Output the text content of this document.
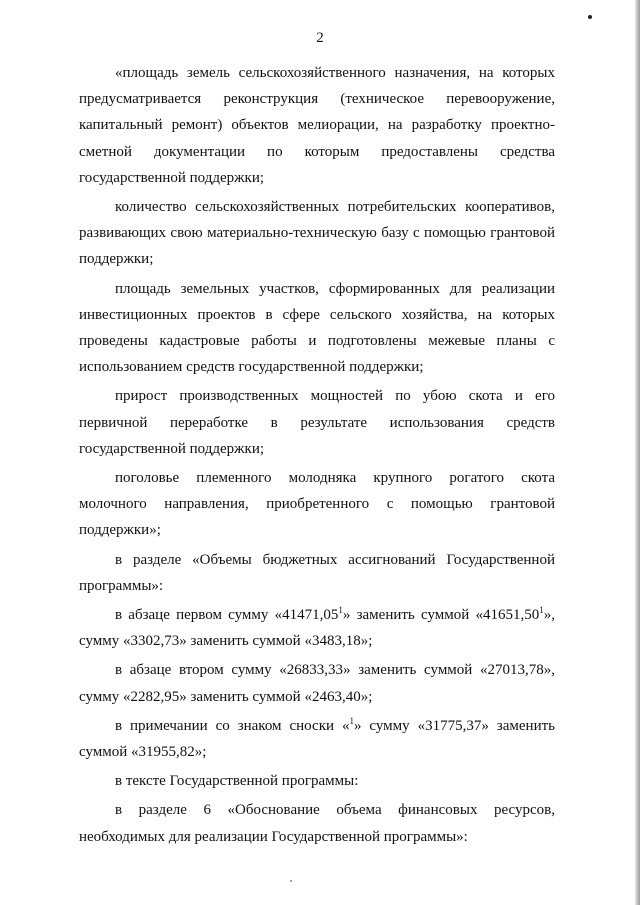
2

«площадь земель сельскохозяйственного назначения, на которых предусматривается реконструкция (техническое перевооружение, капитальный ремонт) объектов мелиорации, на разработку проектно-сметной документации по которым предоставлены средства государственной поддержки;

количество сельскохозяйственных потребительских кооперативов, развивающих свою материально-техническую базу с помощью грантовой поддержки;

площадь земельных участков, сформированных для реализации инвестиционных проектов в сфере сельского хозяйства, на которых проведены кадастровые работы и подготовлены межевые планы с использованием средств государственной поддержки;

прирост производственных мощностей по убою скота и его первичной переработке в результате использования средств государственной поддержки;

поголовье племенного молодняка крупного рогатого скота молочного направления, приобретенного с помощью грантовой поддержки»;

в разделе «Объемы бюджетных ассигнований Государственной программы»:

в абзаце первом сумму «41471,05$^1$» заменить суммой «41651,50$^1$», сумму «3302,73» заменить суммой «3483,18»;

в абзаце втором сумму «26833,33» заменить суммой «27013,78», сумму «2282,95» заменить суммой «2463,40»;

в примечании со знаком сноски «$^1$» сумму «31775,37» заменить суммой «31955,82»;

в тексте Государственной программы:

в разделе 6 «Обоснование объема финансовых ресурсов, необходимых для реализации Государственной программы»:
